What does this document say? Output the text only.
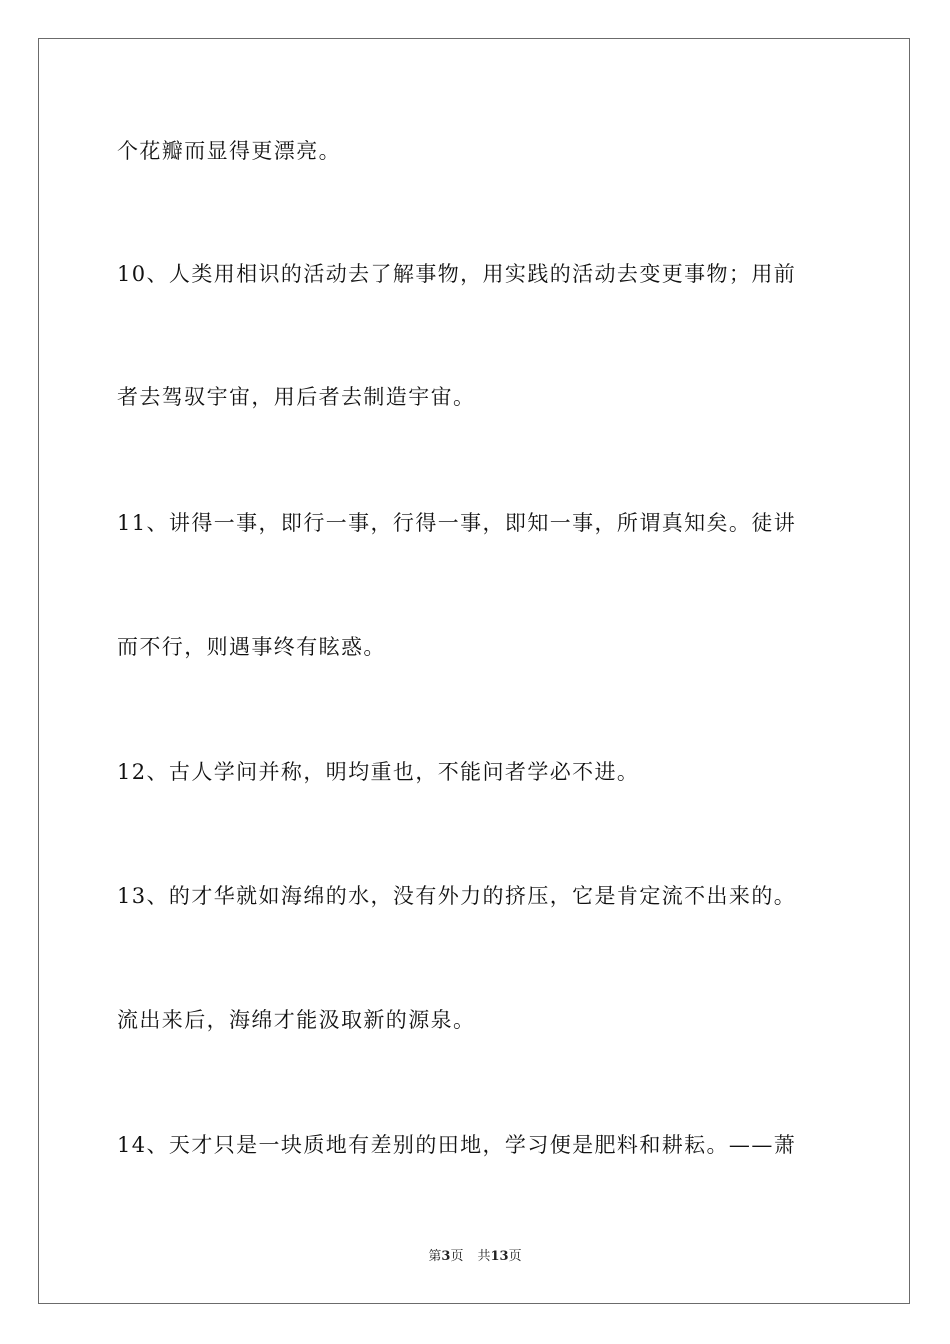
个花瓣而显得更漂亮。
10、人类用相识的活动去了解事物，用实践的活动去变更事物；用前
者去驾驭宇宙，用后者去制造宇宙。
11、讲得一事，即行一事，行得一事，即知一事，所谓真知矣。徒讲
而不行，则遇事终有眩惑。
12、古人学问并称，明均重也，不能问者学必不进。
13、的才华就如海绵的水，没有外力的挤压，它是肯定流不出来的。
流出来后，海绵才能汲取新的源泉。
14、天才只是一块质地有差别的田地，学习便是肥料和耕耘。——萧
第3页 共13页
